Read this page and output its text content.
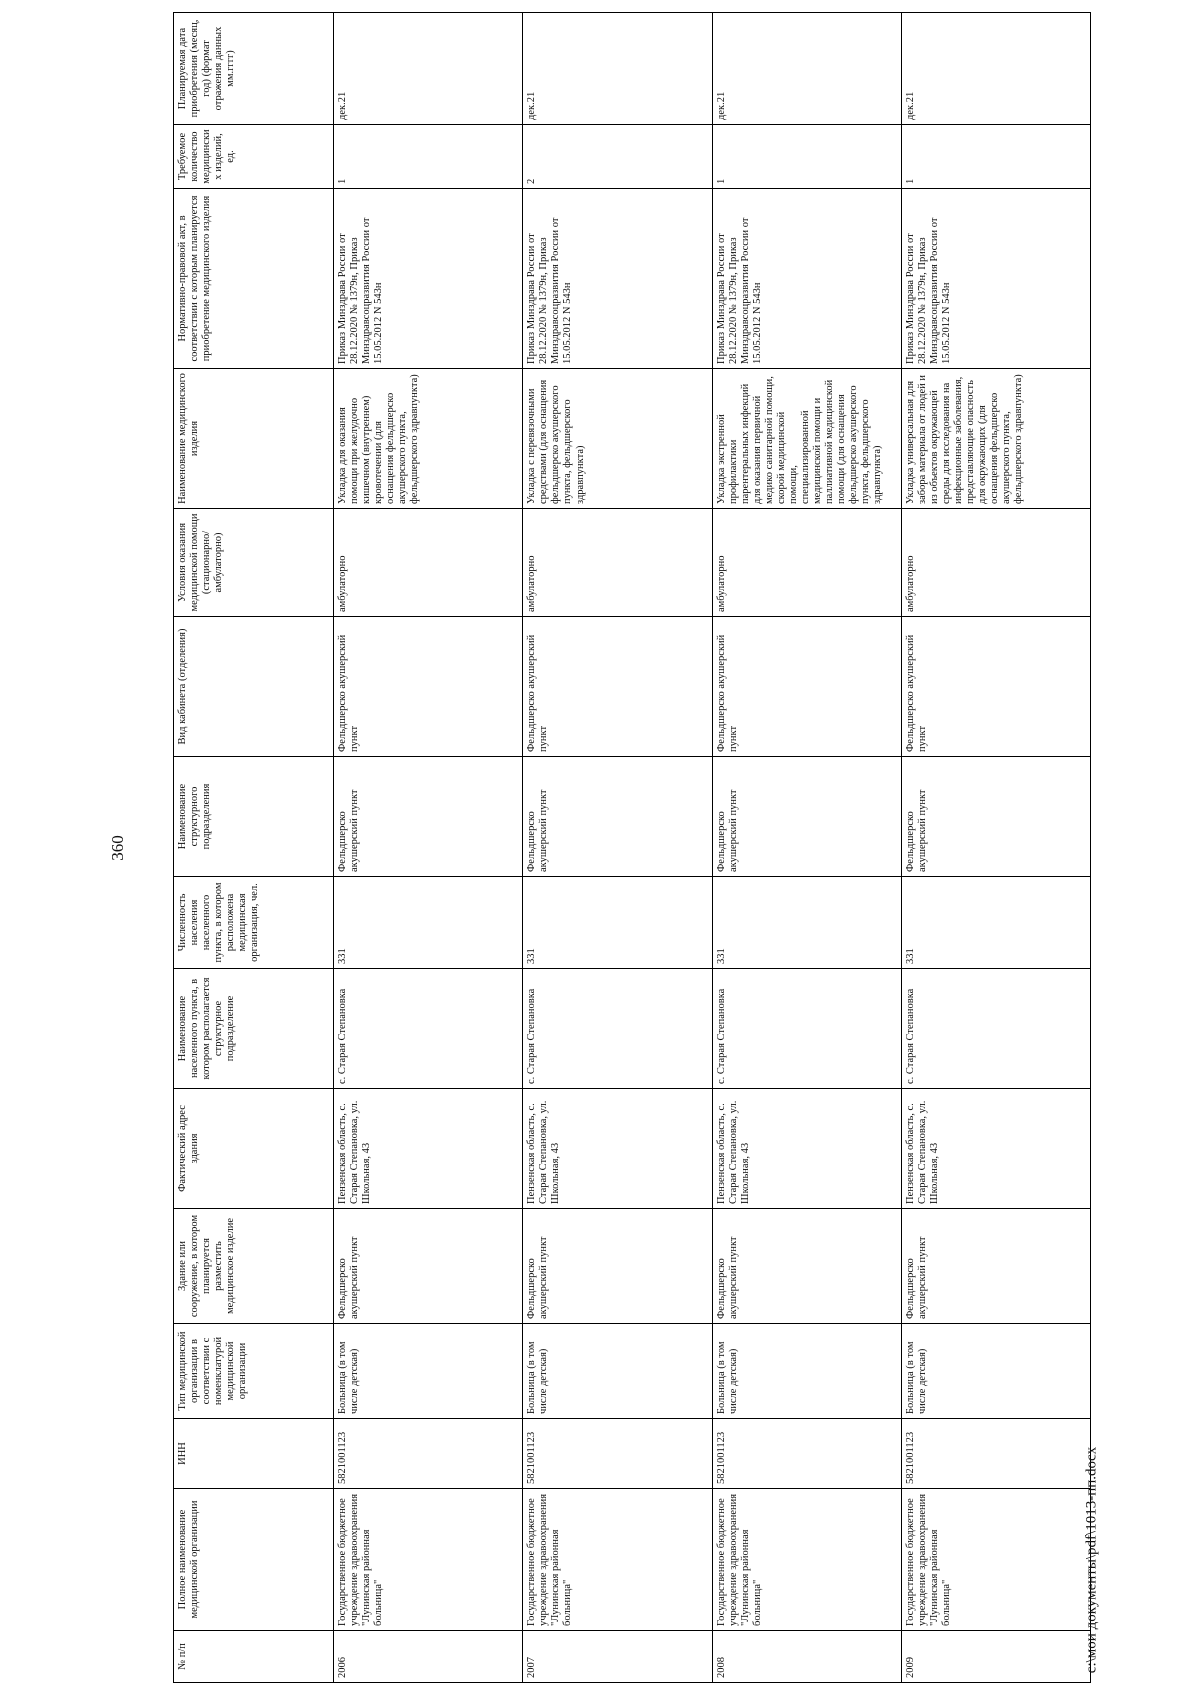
360
№ п/п	Полное наименование медицинской организации	ИНН	Тип медицинской организации в соответствии с номенклатурой медицинской организации	Здание или сооружение, в котором планируется разместить медицинское изделие	Фактический адрес здания	Наименование населенного пункта, в котором располагается структурное подразделение	Численность населения населенного пункта, в котором расположена медицинская организация, чел.	Наименование структурного подразделения	Вид кабинета (отделения)	Условия оказания медицинской помощи (стационарно/ амбулаторно)	Наименование медицинского изделия	Нормативно-правовой акт, в соответствии с которым планируется приобретение медицинского изделия	Требуемое количество медицинских изделий, ед.	Планируемая дата приобретения (месяц, год) (формат отражения данных мм.гггг)
2006	Государственное бюджетное учреждение здравоохранения "Лунинская районная больница"	5821001123	Больница (в том числе детская)	Фельдшерско акушерский пункт	Пензенская область, с. Старая Степановка, ул. Школьная, 43	с. Старая Степановка	331	Фельдшерско акушерский пункт	Фельдшерско акушерский пункт	амбулаторно	Укладка для оказания помощи при желудочно кишечном (внутреннем) кровотечении (для оснащения фельдшерско акушерского пункта, фельдшерского здравпункта)	Приказ Минздрава России от 28.12.2020 № 1379н, Приказ Минздравсоцразвития России от 15.05.2012 N 543н	1	дек.21
2007	Государственное бюджетное учреждение здравоохранения "Лунинская районная больница"	5821001123	Больница (в том числе детская)	Фельдшерско акушерский пункт	Пензенская область, с. Старая Степановка, ул. Школьная, 43	с. Старая Степановка	331	Фельдшерско акушерский пункт	Фельдшерско акушерский пункт	амбулаторно	Укладка с перевязочными средствами (для оснащения фельдшерско акушерского пункта, фельдшерского здравпункта)	Приказ Минздрава России от 28.12.2020 № 1379н, Приказ Минздравсоцразвития России от 15.05.2012 N 543н	2	дек.21
2008	Государственное бюджетное учреждение здравоохранения "Лунинская районная больница"	5821001123	Больница (в том числе детская)	Фельдшерско акушерский пункт	Пензенская область, с. Старая Степановка, ул. Школьная, 43	с. Старая Степановка	331	Фельдшерско акушерский пункт	Фельдшерско акушерский пункт	амбулаторно	Укладка экстренной профилактики парентеральных инфекций для оказания первичной медико санитарной помощи, скорой медицинской помощи, специализированной медицинской помощи и паллиативной медицинской помощи (для оснащения фельдшерско акушерского пункта, фельдшерского здравпункта)	Приказ Минздрава России от 28.12.2020 № 1379н, Приказ Минздравсоцразвития России от 15.05.2012 N 543н	1	дек.21
2009	Государственное бюджетное учреждение здравоохранения "Лунинская районная больница"	5821001123	Больница (в том числе детская)	Фельдшерско акушерский пункт	Пензенская область, с. Старая Степановка, ул. Школьная, 43	с. Старая Степановка	331	Фельдшерско акушерский пункт	Фельдшерско акушерский пункт	амбулаторно	Укладка универсальная для забора материала от людей и из объектов окружающей среды для исследования на инфекционные заболевания, представляющие опасность для окружающих (для оснащения фельдшерско акушерского пункта, фельдшерского здравпункта)	Приказ Минздрава России от 28.12.2020 № 1379н, Приказ Минздравсоцразвития России от 15.05.2012 N 543н	1	дек.21
c:\мои документы\pdf\1013-пп.docx
